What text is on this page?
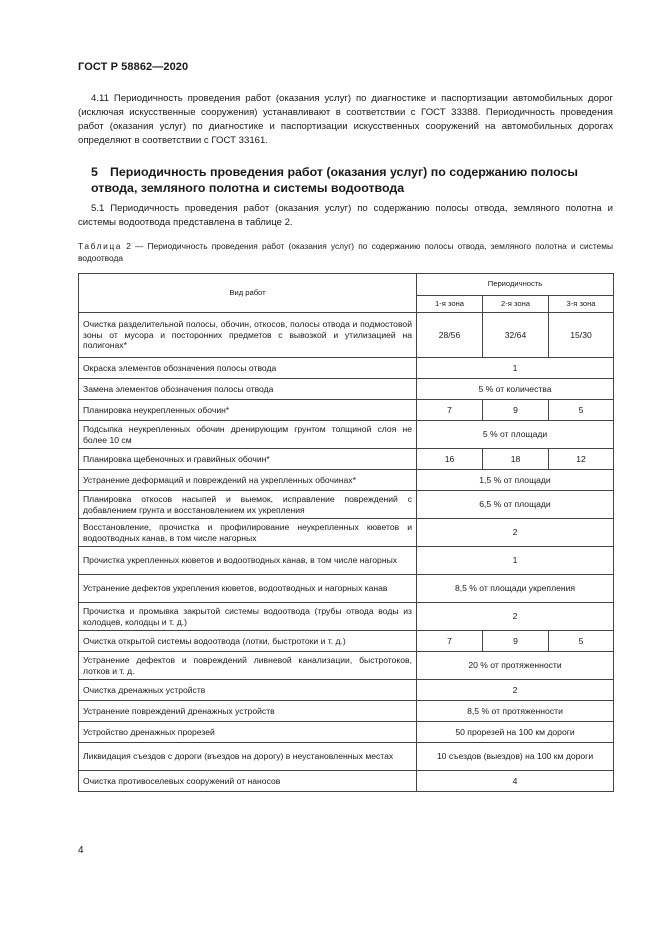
ГОСТ Р 58862—2020
4.11 Периодичность проведения работ (оказания услуг) по диагностике и паспортизации автомобильных дорог (исключая искусственные сооружения) устанавливают в соответствии с ГОСТ 33388. Периодичность проведения работ (оказания услуг) по диагностике и паспортизации искусственных сооружений на автомобильных дорогах определяют в соответствии с ГОСТ 33161.
5 Периодичность проведения работ (оказания услуг) по содержанию полосы отвода, земляного полотна и системы водоотвода
5.1 Периодичность проведения работ (оказания услуг) по содержанию полосы отвода, земляного полотна и системы водоотвода представлена в таблице 2.
Таблица 2 — Периодичность проведения работ (оказания услуг) по содержанию полосы отвода, земляного полотна и системы водоотвода
Вид работ	Периодичность		
	1-я зона	2-я зона	3-я зона
Очистка разделительной полосы, обочин, откосов, полосы отвода и подмостовой зоны от мусора и посторонних предметов с вывозкой и утилизацией на полигонах*	28/56	32/64	15/30
Окраска элементов обозначения полосы отвода	1		
Замена элементов обозначения полосы отвода	5 % от количества		
Планировка неукрепленных обочин*	7	9	5
Подсыпка неукрепленных обочин дренирующим грунтом толщиной слоя не более 10 см	5 % от площади		
Планировка щебеночных и гравийных обочин*	16	18	12
Устранение деформаций и повреждений на укрепленных обочинах*	1,5 % от площади		
Планировка откосов насыпей и выемок, исправление повреждений с добавлением грунта и восстановлением их укрепления	6,5 % от площади		
Восстановление, прочистка и профилирование неукрепленных кюветов и водоотводных канав, в том числе нагорных	2		
Прочистка укрепленных кюветов и водоотводных канав, в том числе нагорных	1		
Устранение дефектов укрепления кюветов, водоотводных и нагорных канав	8,5 % от площади укрепления		
Прочистка и промывка закрытой системы водоотвода (трубы отвода воды из колодцев, колодцы и т. д.)	2		
Очистка открытой системы водоотвода (лотки, быстротоки и т. д.)	7	9	5
Устранение дефектов и повреждений ливневой канализации, быстротоков, лотков и т. д.	20 % от протяженности		
Очистка дренажных устройств	2		
Устранение повреждений дренажных устройств	8,5 % от протяженности		
Устройство дренажных прорезей	50 прорезей на 100 км дороги		
Ликвидация съездов с дороги (въездов на дорогу) в неустановленных местах	10 съездов (выездов) на 100 км дороги		
Очистка противоселевых сооружений от наносов	4		
4
